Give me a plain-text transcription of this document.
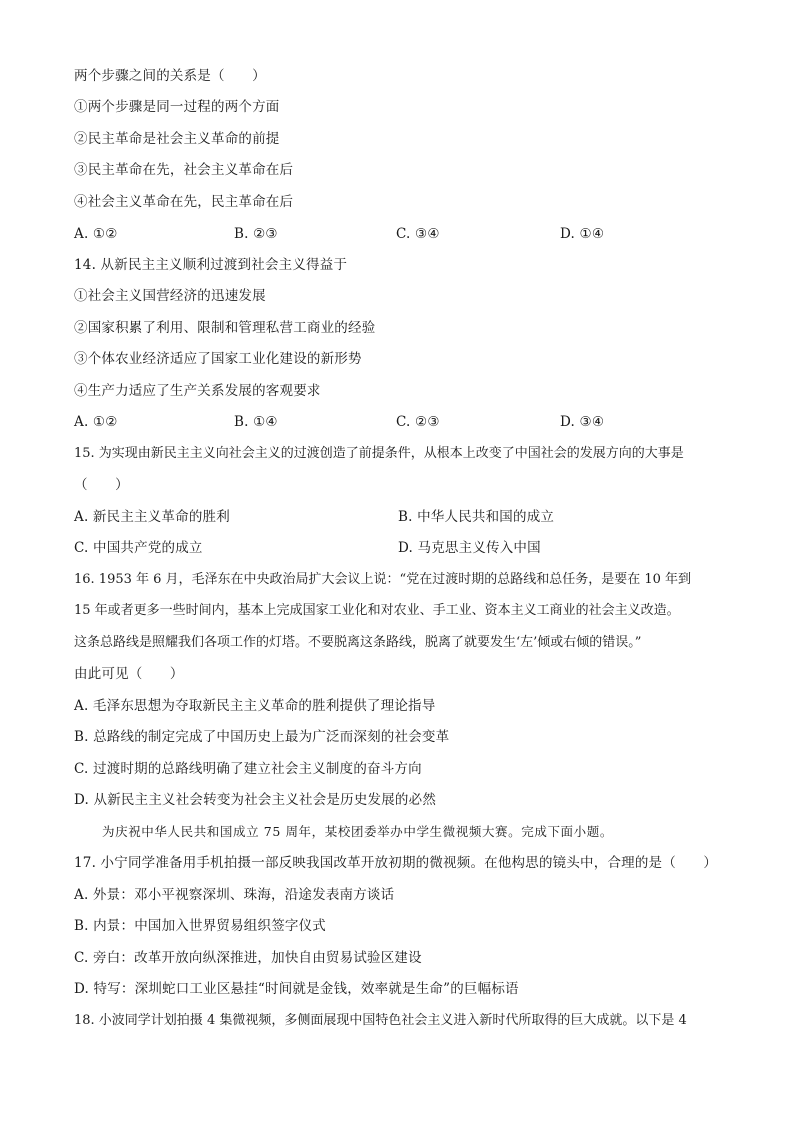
两个步骤之间的关系是（　　）
①两个步骤是同一过程的两个方面
②民主革命是社会主义革命的前提
③民主革命在先，社会主义革命在后
④社会主义革命在先，民主革命在后
A. ①②	B. ②③	C. ③④	D. ①④
14. 从新民主主义顺利过渡到社会主义得益于
①社会主义国营经济的迅速发展
②国家积累了利用、限制和管理私营工商业的经验
③个体农业经济适应了国家工业化建设的新形势
④生产力适应了生产关系发展的客观要求
A. ①②	B. ①④	C. ②③	D. ③④
15. 为实现由新民主主义向社会主义的过渡创造了前提条件，从根本上改变了中国社会的发展方向的大事是
（　　）
A. 新民主主义革命的胜利	B. 中华人民共和国的成立
C. 中国共产党的成立	D. 马克思主义传入中国
16. 1953 年 6 月，毛泽东在中央政治局扩大会议上说：“党在过渡时期的总路线和总任务，是要在 10 年到
15 年或者更多一些时间内，基本上完成国家工业化和对农业、手工业、资本主义工商业的社会主义改造。
这条总路线是照耀我们各项工作的灯塔。不要脱离这条路线，脱离了就要发生‘左’倾或右倾的错误。”
由此可见（　　）
A. 毛泽东思想为夺取新民主主义革命的胜利提供了理论指导
B. 总路线的制定完成了中国历史上最为广泛而深刻的社会变革
C. 过渡时期的总路线明确了建立社会主义制度的奋斗方向
D. 从新民主主义社会转变为社会主义社会是历史发展的必然
为庆祝中华人民共和国成立 75 周年，某校团委举办中学生微视频大赛。完成下面小题。
17. 小宁同学准备用手机拍摄一部反映我国改革开放初期的微视频。在他构思的镜头中，合理的是（　　）
A. 外景：邓小平视察深圳、珠海，沿途发表南方谈话
B. 内景：中国加入世界贸易组织签字仪式
C. 旁白：改革开放向纵深推进，加快自由贸易试验区建设
D. 特写：深圳蛇口工业区悬挂“时间就是金钱，效率就是生命”的巨幅标语
18. 小波同学计划拍摄 4 集微视频，多侧面展现中国特色社会主义进入新时代所取得的巨大成就。以下是 4
